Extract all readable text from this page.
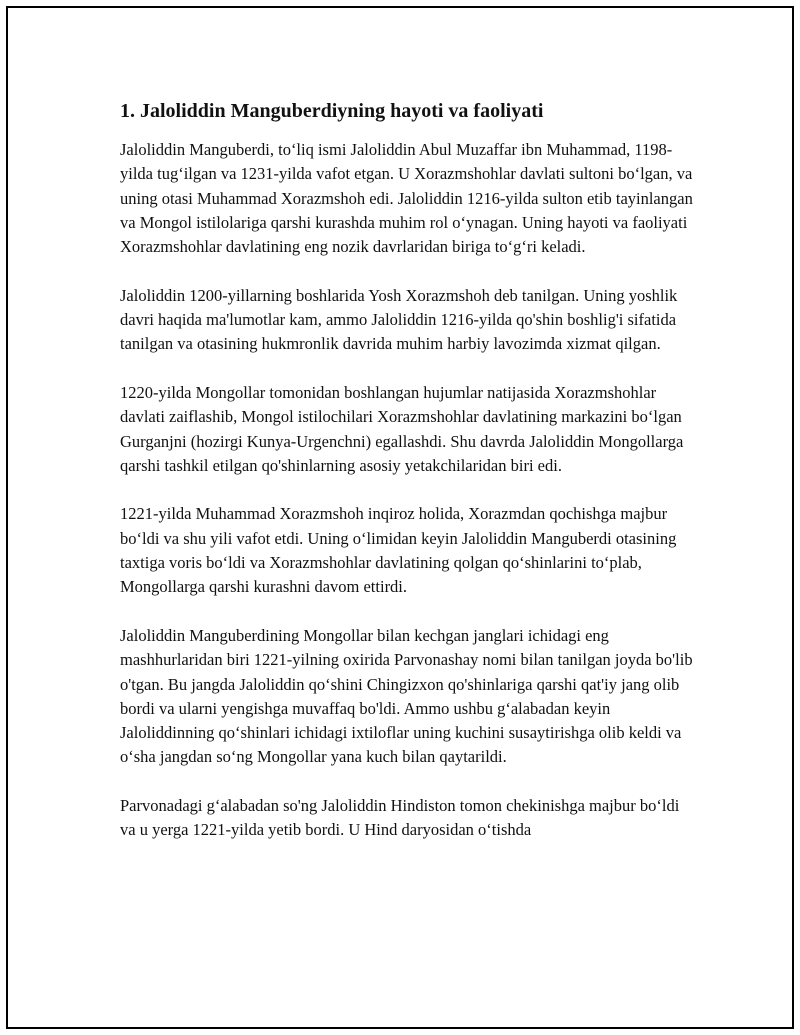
1. Jaloliddin Manguberdiyning hayoti va faoliyati

Jaloliddin Manguberdi, to‘liq ismi Jaloliddin Abul Muzaffar ibn Muhammad, 1198-yilda tug‘ilgan va 1231-yilda vafot etgan. U Xorazmshohlar davlati sultoni bo‘lgan, va uning otasi Muhammad Xorazmshoh edi. Jaloliddin 1216-yilda sulton etib tayinlangan va Mongol istilolariga qarshi kurashda muhim rol o‘ynagan. Uning hayoti va faoliyati Xorazmshohlar davlatining eng nozik davrlaridan biriga to‘g‘ri keladi.

Jaloliddin 1200-yillarning boshlarida Yosh Xorazmshoh deb tanilgan. Uning yoshlik davri haqida ma'lumotlar kam, ammo Jaloliddin 1216-yilda qo'shin boshlig'i sifatida tanilgan va otasining hukmronlik davrida muhim harbiy lavozimda xizmat qilgan.

1220-yilda Mongollar tomonidan boshlangan hujumlar natijasida Xorazmshohlar davlati zaiflashib, Mongol istilochilari Xorazmshohlar davlatining markazini bo‘lgan Gurganjni (hozirgi Kunya-Urgenchni) egallashdi. Shu davrda Jaloliddin Mongollarga qarshi tashkil etilgan qo'shinlarning asosiy yetakchilaridan biri edi.

1221-yilda Muhammad Xorazmshoh inqiroz holida, Xorazmdan qochishga majbur bo‘ldi va shu yili vafot etdi. Uning o‘limidan keyin Jaloliddin Manguberdi otasining taxtiga voris bo‘ldi va Xorazmshohlar davlatining qolgan qo‘shinlarini to‘plab, Mongollarga qarshi kurashni davom ettirdi.

Jaloliddin Manguberdining Mongollar bilan kechgan janglari ichidagi eng mashhurlaridan biri 1221-yilning oxirida Parvonashay nomi bilan tanilgan joyda bo'lib o'tgan. Bu jangda Jaloliddin qo‘shini Chingizxon qo'shinlariga qarshi qat'iy jang olib bordi va ularni yengishga muvaffaq bo'ldi. Ammo ushbu g‘alabadan keyin Jaloliddinning qo‘shinlari ichidagi ixtiloflar uning kuchini susaytirishga olib keldi va o‘sha jangdan so‘ng Mongollar yana kuch bilan qaytarildi.

Parvonadagi g‘alabadan so'ng Jaloliddin Hindiston tomon chekinishga majbur bo‘ldi va u yerga 1221-yilda yetib bordi. U Hind daryosidan o‘tishda
